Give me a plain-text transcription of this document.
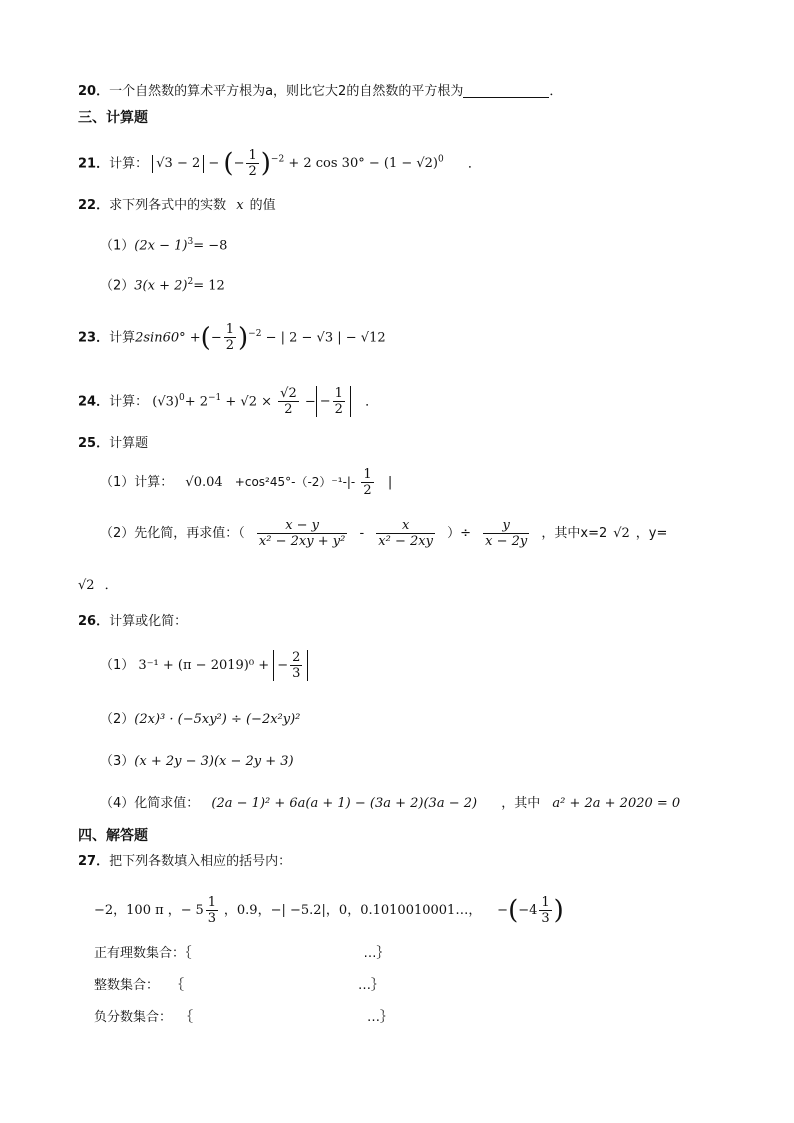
20．一个自然数的算术平方根为a，则比它大2的自然数的平方根为	．
三、计算题
21．计算： √3 − 2 − (− $\frac{1}{2} )^{-2} + 2$ $\cos 30^\circ - (1 - √2)^0$ ．
22．求下列各式中的实数 x 的值
$(1)(2x - 1)^3= -8$
$(2)3(x + 2)^2= 12$
23．计算2sin60° +(− $\frac{1}{2} )^{-2}$ − | 2 − √3 | − √12
24．计算： $(√3)^0+ 2^{-1} + √2 \times \frac{√2}{2}$ − − $\frac{1}{2}$ ．
25．计算题
（1）计算： $√0.04 +\cos^245^\circ-(-2)^{-1}-|- \frac{1}{2}$ |
（2）先化简，再求值：（ $\frac{x - y}{\text{x² − 2xy + y²}} - \frac{x}{\text{x² − 2xy}}$ ）÷ $\frac{y}{x - 2y}$ ，其中x=2 √2 ，y=
√2 ．
26．计算或化简：
（1） 3⁻¹ + (π − 2019)⁰ + − $\frac{2}{3}$
（2）(2x)³ · (−5xy²) ÷ (−2x²y)²
（3）(x + 2y − 3)(x − 2y + 3)
（4）化简求值： (2a − 1)² + 6a(a + 1) − (3a + 2)(3a − 2) ，其中 a² + 2a + 2020 = 0
四、解答题
27．把下列各数填入相应的括号内：
−2，100 π ，− $5 \frac{1}{3}$ ，0.9，−| −5.2|，0，0.1010010001…， $-(-4 \frac{1}{3}$ )
正有理数集合：｛	…｝
整数集合： ｛	…｝
负分数集合： ｛	…｝
